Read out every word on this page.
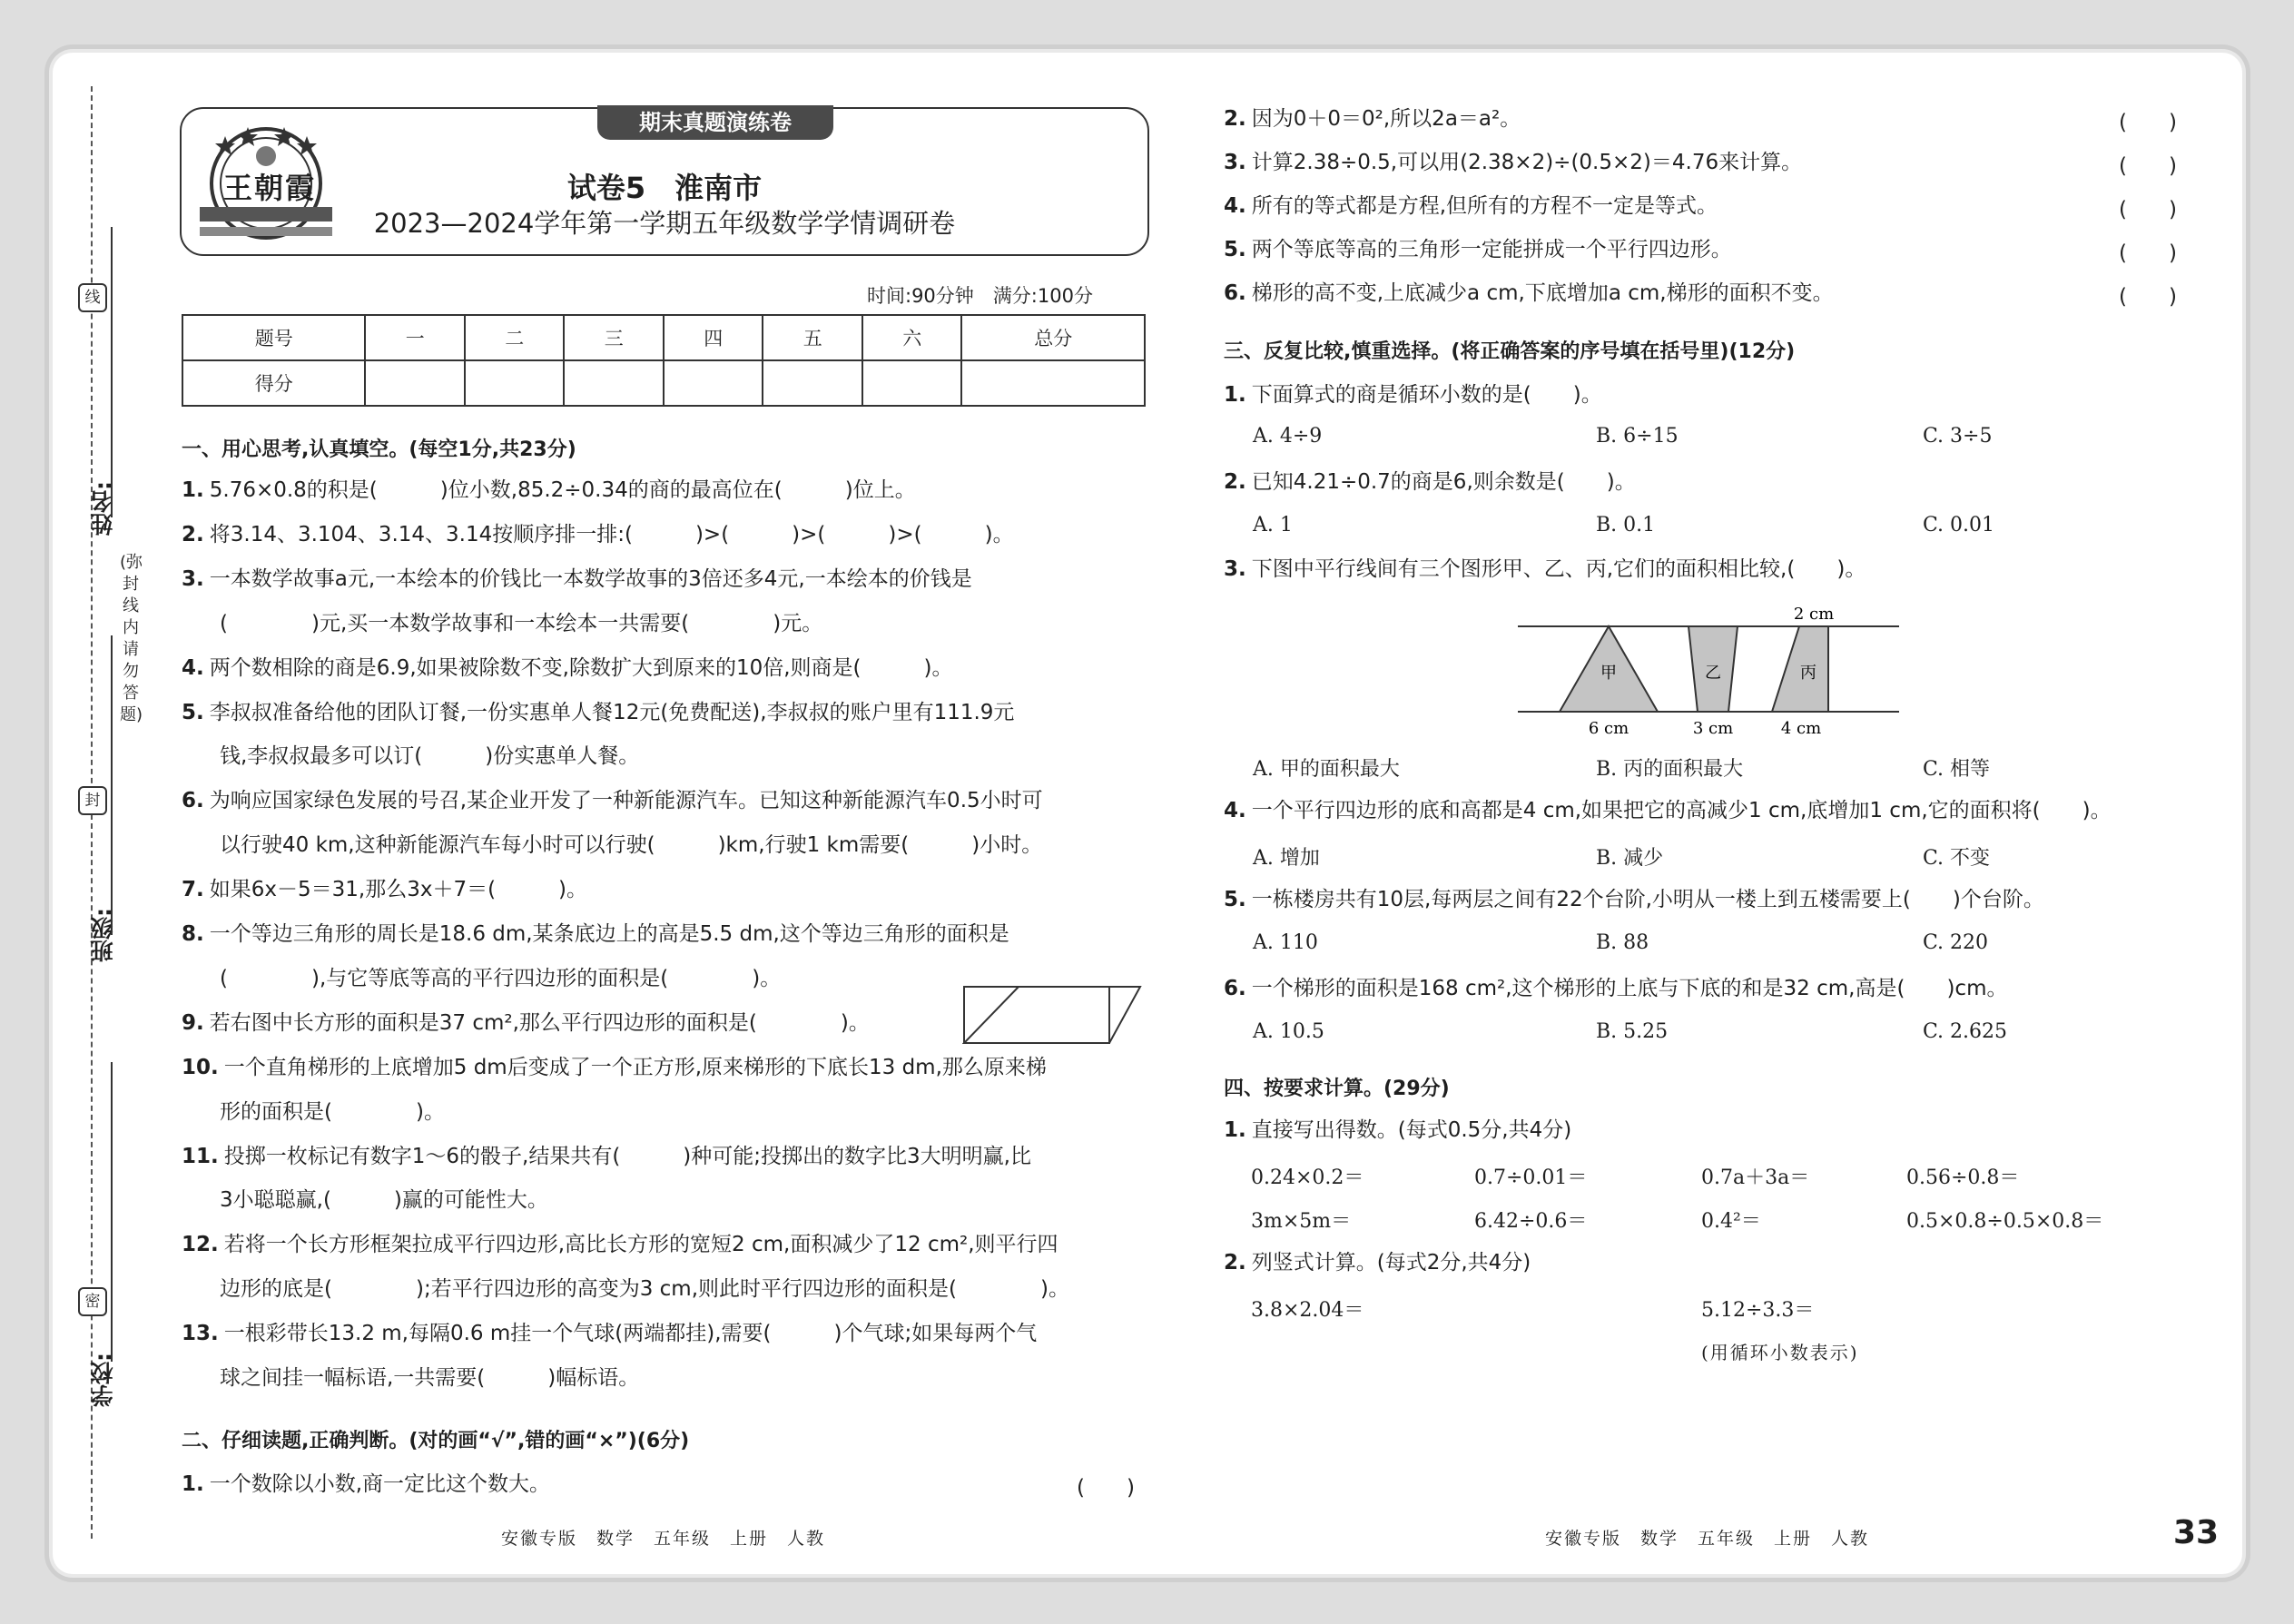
线
封
密
姓名:
班级:
学校:
(弥封线内请勿答题)
期末真题演练卷
王朝霞	试卷5　淮南市
2023—2024学年第一学期五年级数学学情调研卷
时间:90分钟　满分:100分
题号	一	二	三	四	五	六	总分
得分							
一、用心思考,认真填空。(每空1分,共23分)
1. 5.76×0.8的积是(　　　)位小数,85.2÷0.34的商的最高位在(　　　)位上。
2. 将3.14、3.104、3.14、3.14按顺序排一排:(　　　)>(　　　)>(　　　)>(　　　)。
3. 一本数学故事a元,一本绘本的价钱比一本数学故事的3倍还多4元,一本绘本的价钱是
(　　　　)元,买一本数学故事和一本绘本一共需要(　　　　)元。
4. 两个数相除的商是6.9,如果被除数不变,除数扩大到原来的10倍,则商是(　　　)。
5. 李叔叔准备给他的团队订餐,一份实惠单人餐12元(免费配送),李叔叔的账户里有111.9元
钱,李叔叔最多可以订(　　　)份实惠单人餐。
6. 为响应国家绿色发展的号召,某企业开发了一种新能源汽车。已知这种新能源汽车0.5小时可
以行驶40 km,这种新能源汽车每小时可以行驶(　　　)km,行驶1 km需要(　　　)小时。
7. 如果6x－5＝31,那么3x＋7＝(　　　)。
8. 一个等边三角形的周长是18.6 dm,某条底边上的高是5.5 dm,这个等边三角形的面积是
(　　　　),与它等底等高的平行四边形的面积是(　　　　)。
9. 若右图中长方形的面积是37 cm²,那么平行四边形的面积是(　　　　)。
10. 一个直角梯形的上底增加5 dm后变成了一个正方形,原来梯形的下底长13 dm,那么原来梯
形的面积是(　　　　)。
11. 投掷一枚标记有数字1～6的骰子,结果共有(　　　)种可能;投掷出的数字比3大明明赢,比
3小聪聪赢,(　　　)赢的可能性大。
12. 若将一个长方形框架拉成平行四边形,高比长方形的宽短2 cm,面积减少了12 cm²,则平行四
边形的底是(　　　　);若平行四边形的高变为3 cm,则此时平行四边形的面积是(　　　　)。
13. 一根彩带长13.2 m,每隔0.6 m挂一个气球(两端都挂),需要(　　　)个气球;如果每两个气
球之间挂一幅标语,一共需要(　　　)幅标语。
二、仔细读题,正确判断。(对的画“√”,错的画“×”)(6分)
1. 一个数除以小数,商一定比这个数大。	(　　)
2. 因为0＋0＝0²,所以2a＝a²。
3. 计算2.38÷0.5,可以用(2.38×2)÷(0.5×2)＝4.76来计算。
4. 所有的等式都是方程,但所有的方程不一定是等式。
5. 两个等底等高的三角形一定能拼成一个平行四边形。
6. 梯形的高不变,上底减少a cm,下底增加a cm,梯形的面积不变。
(　　)
(　　)
(　　)
(　　)
(　　)
三、反复比较,慎重选择。(将正确答案的序号填在括号里)(12分)
1. 下面算式的商是循环小数的是(　　)。
A. 4÷9	B. 6÷15	C. 3÷5
2. 已知4.21÷0.7的商是6,则余数是(　　)。
A. 1	B. 0.1	C. 0.01
3. 下图中平行线间有三个图形甲、乙、丙,它们的面积相比较,(　　)。
甲	乙	丙
2 cm
6 cm	3 cm	4 cm
A. 甲的面积最大	B. 丙的面积最大	C. 相等
4. 一个平行四边形的底和高都是4 cm,如果把它的高减少1 cm,底增加1 cm,它的面积将(　　)。
A. 增加	B. 减少	C. 不变
5. 一栋楼房共有10层,每两层之间有22个台阶,小明从一楼上到五楼需要上(　　)个台阶。
A. 110	B. 88	C. 220
6. 一个梯形的面积是168 cm²,这个梯形的上底与下底的和是32 cm,高是(　　)cm。
A. 10.5	B. 5.25	C. 2.625
四、按要求计算。(29分)
1. 直接写出得数。(每式0.5分,共4分)
0.24×0.2＝	0.7÷0.01＝	0.7a＋3a＝	0.56÷0.8＝
3m×5m＝	6.42÷0.6＝	0.4²＝	0.5×0.8÷0.5×0.8＝
2. 列竖式计算。(每式2分,共4分)
3.8×2.04＝	5.12÷3.3＝
(用循环小数表示)
安徽专版　数学　五年级　上册　人教	安徽专版　数学　五年级　上册　人教	33
